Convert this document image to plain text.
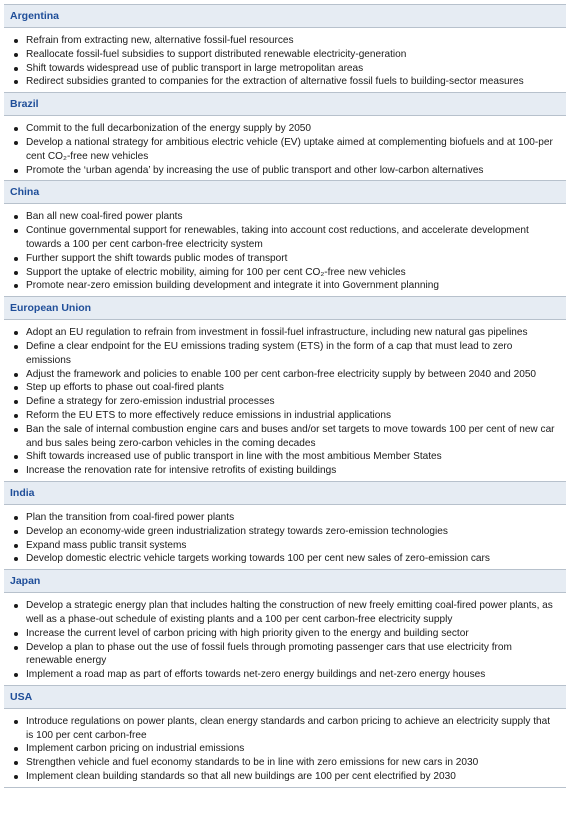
Argentina
Refrain from extracting new, alternative fossil-fuel resources
Reallocate fossil-fuel subsidies to support distributed renewable electricity-generation
Shift towards widespread use of public transport in large metropolitan areas
Redirect subsidies granted to companies for the extraction of alternative fossil fuels to building-sector measures
Brazil
Commit to the full decarbonization of the energy supply by 2050
Develop a national strategy for ambitious electric vehicle (EV) uptake aimed at complementing biofuels and at 100-per cent CO₂-free new vehicles
Promote the ‘urban agenda’ by increasing the use of public transport and other low-carbon alternatives
China
Ban all new coal-fired power plants
Continue governmental support for renewables, taking into account cost reductions, and accelerate development towards a 100 per cent carbon-free electricity system
Further support the shift towards public modes of transport
Support the uptake of electric mobility, aiming for 100 per cent CO₂-free new vehicles
Promote near-zero emission building development and integrate it into Government planning
European Union
Adopt an EU regulation to refrain from investment in fossil-fuel infrastructure, including new natural gas pipelines
Define a clear endpoint for the EU emissions trading system (ETS) in the form of a cap that must lead to zero emissions
Adjust the framework and policies to enable 100 per cent carbon-free electricity supply by between 2040 and 2050
Step up efforts to phase out coal-fired plants
Define a strategy for zero-emission industrial processes
Reform the EU ETS to more effectively reduce emissions in industrial applications
Ban the sale of internal combustion engine cars and buses and/or set targets to move towards 100 per cent of new car and bus sales being zero-carbon vehicles in the coming decades
Shift towards increased use of public transport in line with the most ambitious Member States
Increase the renovation rate for intensive retrofits of existing buildings
India
Plan the transition from coal-fired power plants
Develop an economy-wide green industrialization strategy towards zero-emission technologies
Expand mass public transit systems
Develop domestic electric vehicle targets working towards 100 per cent new sales of zero-emission cars
Japan
Develop a strategic energy plan that includes halting the construction of new freely emitting coal-fired power plants, as well as a phase-out schedule of existing plants and a 100 per cent carbon-free electricity supply
Increase the current level of carbon pricing with high priority given to the energy and building sector
Develop a plan to phase out the use of fossil fuels through promoting passenger cars that use electricity from renewable energy
Implement a road map as part of efforts towards net-zero energy buildings and net-zero energy houses
USA
Introduce regulations on power plants, clean energy standards and carbon pricing to achieve an electricity supply that is 100 per cent carbon-free
Implement carbon pricing on industrial emissions
Strengthen vehicle and fuel economy standards to be in line with zero emissions for new cars in 2030
Implement clean building standards so that all new buildings are 100 per cent electrified by 2030
